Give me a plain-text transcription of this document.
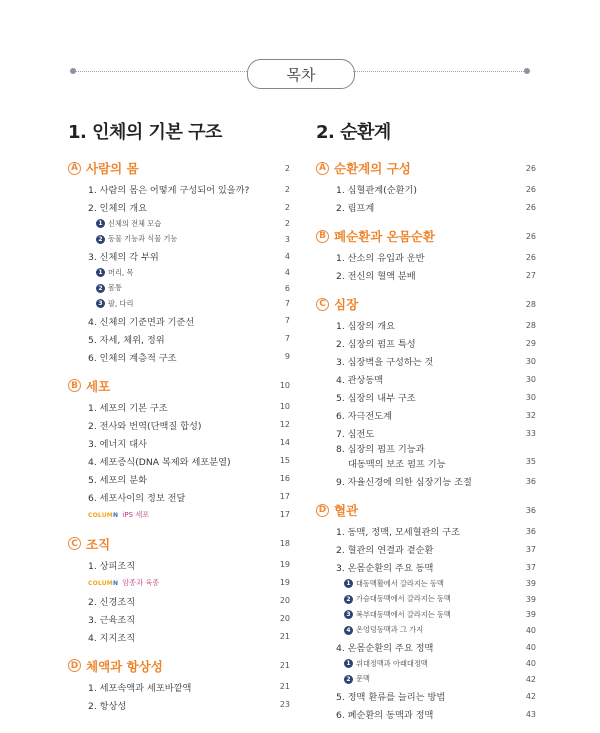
목차
1. 인체의 기본 구조
A 사람의 몸	2
1. 사람의 몸은 어떻게 구성되어 있을까?	2
2. 인체의 개요	2
1 신체의 전체 모습	2
2 동물 기능과 식물 기능	3
3. 신체의 각 부위	4
1 머리, 목	4
2 몸통	6
3 팔, 다리	7
4. 신체의 기준면과 기준선	7
5. 자세, 체위, 정위	7
6. 인체의 계층적 구조	9
B 세포	10
1. 세포의 기본 구조	10
2. 전사와 번역(단백질 합성)	12
3. 에너지 대사	14
4. 세포증식(DNA 복제와 세포분열)	15
5. 세포의 분화	16
6. 세포사이의 정보 전달	17
COLUMN iPS 세포	17
C 조직	18
1. 상피조직	19
COLUMN 암종과 육종	19
2. 신경조직	20
3. 근육조직	20
4. 지지조직	21
D 체액과 항상성	21
1. 세포속액과 세포바깥액	21
2. 항상성	23
2. 순환계
A 순환계의 구성	26
1. 심혈관계(순환기)	26
2. 림프계	26
B 폐순환과 온몸순환	26
1. 산소의 유입과 운반	26
2. 전신의 혈액 분배	27
C 심장	28
1. 심장의 개요	28
2. 심장의 펌프 특성	29
3. 심장벽을 구성하는 것	30
4. 관상동맥	30
5. 심장의 내부 구조	30
6. 자극전도계	32
7. 심전도	33
8. 심장의 펌프 기능과
대동맥의 보조 펌프 기능	35
9. 자율신경에 의한 심장기능 조절	36
D 혈관	36
1. 동맥, 정맥, 모세혈관의 구조	36
2. 혈관의 연결과 곁순환	37
3. 온몸순환의 주요 동맥	37
1 대동맥활에서 갈라지는 동맥	39
2 가슴대동맥에서 갈라지는 동맥	39
3 복부대동맥에서 갈라지는 동맥	39
4 온엉덩동맥과 그 가지	40
4. 온몸순환의 주요 정맥	40
1 위대정맥과 아래대정맥	40
2 문맥	42
5. 정맥 환류를 늘리는 방법	42
6. 폐순환의 동맥과 정맥	43
